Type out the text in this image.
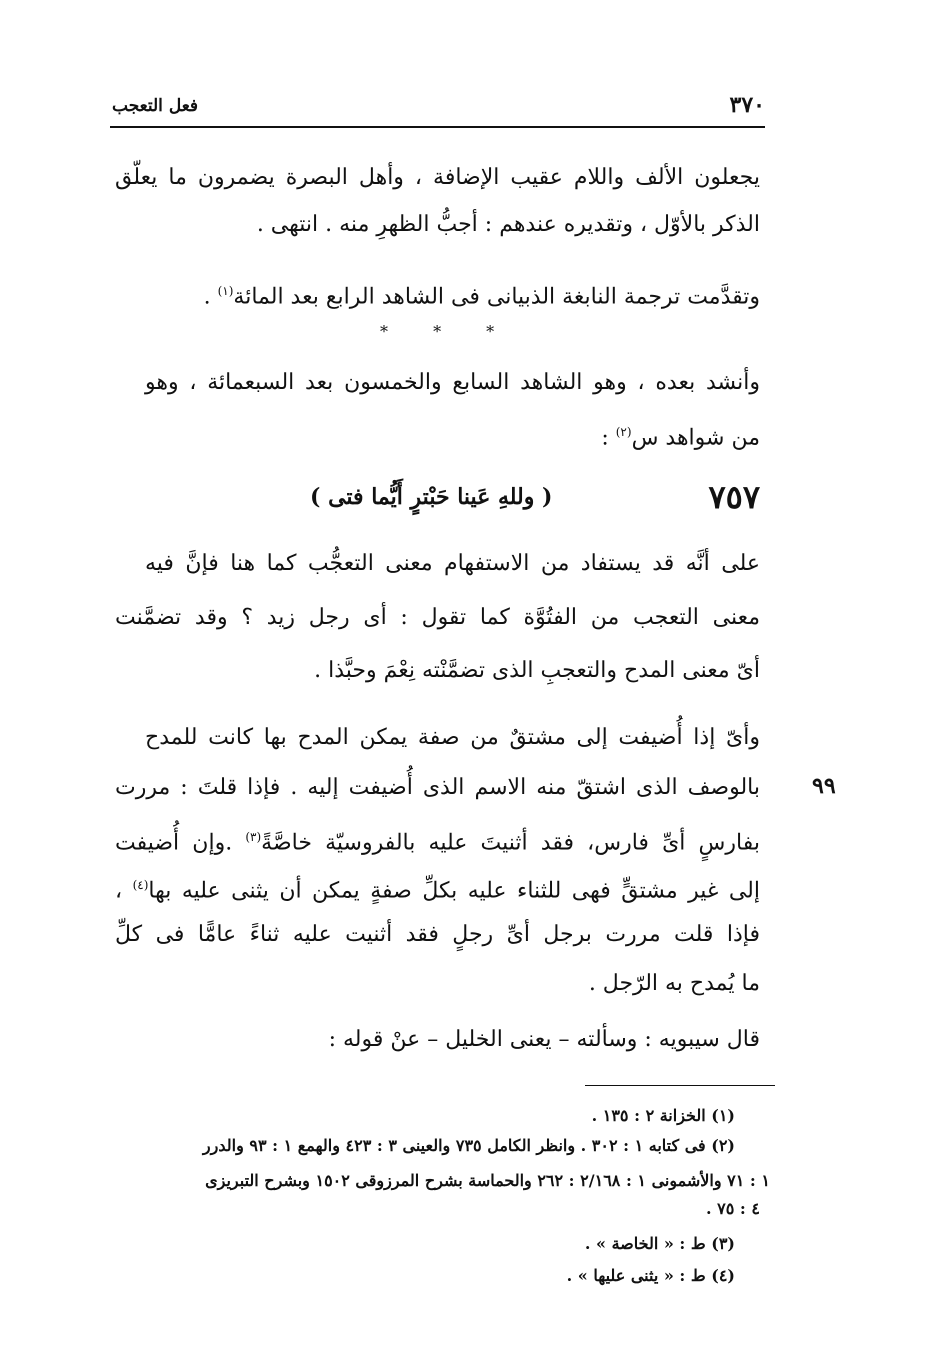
٣٧٠
فعل التعجب
يجعلون الألف واللام عقيب الإضافة ، وأهل البصرة يضمرون ما يعلّق
الذكر بالأوّل ، وتقديره عندهم : أجبُّ الظهرِ منه . انتهى .
وتقدَّمت ترجمة النابغة الذبيانى فى الشاهد الرابع بعد المائة$^{(١)}$ .
* * *
وأنشد بعده ، وهو الشاهد السابع والخمسون بعد السبعمائة ، وهو
من شواهد س$^{(٢)}$ :
٧٥٧
( وللهِ عَينا حَبْترٍ أَيُّما فتى )
على أنَّه قد يستفاد من الاستفهام معنى التعجُّب كما هنا فإنَّ فيه
معنى التعجب من الفتُوَّة كما تقول : أى رجل زيد ؟ وقد تضمَّنت
أىّ معنى المدح والتعجبِ الذى تضمَّنْته نِعْمَ وحبَّذا .
وأىّ إذا أُضيفت إلى مشتقٌ من صفة يمكن المدح بها كانت للمدح
بالوصف الذى اشتقّ منه الاسم الذى أُضيفت إليه . فإذا قلتَ : مررت
بفارسٍ أىِّ فارس، فقد أثنيتَ عليه بالفروسيّة خاصَّةً$^{(٣)}$ .وإن أُضيفت
إلى غير مشتقٍّ فهى للثناء عليه بكلِّ صفةٍ يمكن أن يثنى عليه بها$^{(٤)}$ ،
فإذا قلت مررت برجل أىِّ رجلٍ فقد أثنيت عليه ثناءً عامًّا فى كلِّ
ما يُمدح به الرّجل .
قال سيبويه : وسألته – يعنى الخليل – عنْ قوله :
٩٩
(١) الخزانة ٢ : ١٣٥ .
(٢) فى كتابه ١ : ٣٠٢ . وانظر الكامل ٧٣٥ والعينى ٣ : ٤٢٣ والهمع ١ : ٩٣ والدرر
١ : ٧١ والأشمونى ١ : ٢/١٦٨ : ٢٦٢ والحماسة بشرح المرزوقى ١٥٠٢ وبشرح التبريزى
٤ : ٧٥ .
(٣) ط : « الخاصة » .
(٤) ط : « يثنى عليها » .
